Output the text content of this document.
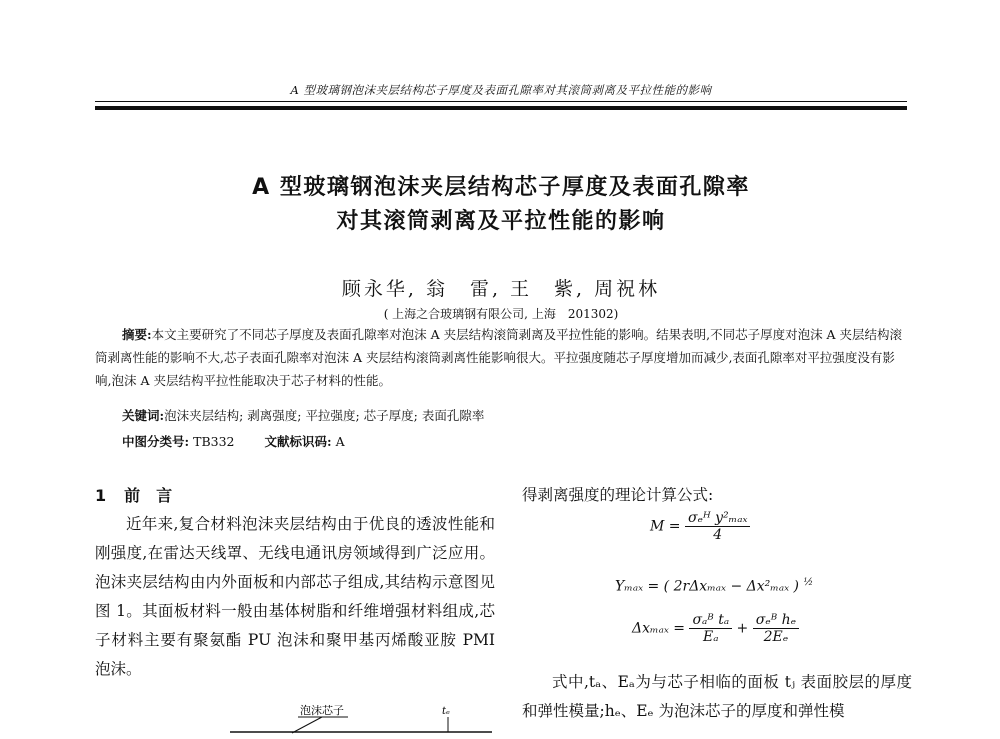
A 型玻璃钢泡沫夹层结构芯子厚度及表面孔隙率对其滚筒剥离及平拉性能的影响
A 型玻璃钢泡沫夹层结构芯子厚度及表面孔隙率
对其滚筒剥离及平拉性能的影响
顾永华, 翁　雷, 王　紫, 周祝林
( 上海之合玻璃钢有限公司, 上海　201302)
摘要:本文主要研究了不同芯子厚度及表面孔隙率对泡沫 A 夹层结构滚筒剥离及平拉性能的影响。结果表明,不同芯子厚度对泡沫 A 夹层结构滚筒剥离性能的影响不大,芯子表面孔隙率对泡沫 A 夹层结构滚筒剥离性能影响很大。平拉强度随芯子厚度增加而减少,表面孔隙率对平拉强度没有影响,泡沫 A 夹层结构平拉性能取决于芯子材料的性能。
关键词:泡沫夹层结构; 剥离强度; 平拉强度; 芯子厚度; 表面孔隙率
中图分类号: TB332 文献标识码: A
1 前　言
近年来,复合材料泡沫夹层结构由于优良的透波性能和刚强度,在雷达天线罩、无线电通讯房领域得到广泛应用。泡沫夹层结构由内外面板和内部芯子组成,其结构示意图见图 1。其面板材料一般由基体树脂和纤维增强材料组成,芯子材料主要有聚氨酯 PU 泡沫和聚甲基丙烯酸亚胺 PMI 泡沫。
泡沫芯子	tₑ
得剥离强度的理论计算公式:
$M = \frac{\text{σₑᴴ y²ₘₐₓ}}{4}$
Yₘₐₓ = ( 2rΔxₘₐₓ − Δx²ₘₐₓ ) $^{\frac{1}{2}}$
$\Delta x_{max} = \frac{\text{σₐᴮ tₐ}}{\text{Eₐ}} + \frac{\text{σₑᴮ hₑ}}{\text{2Eₑ}}$
式中,tₐ、Eₐ为与芯子相临的面板 tⱼ 表面胶层的厚度和弹性模量;hₑ、Eₑ 为泡沫芯子的厚度和弹性模
